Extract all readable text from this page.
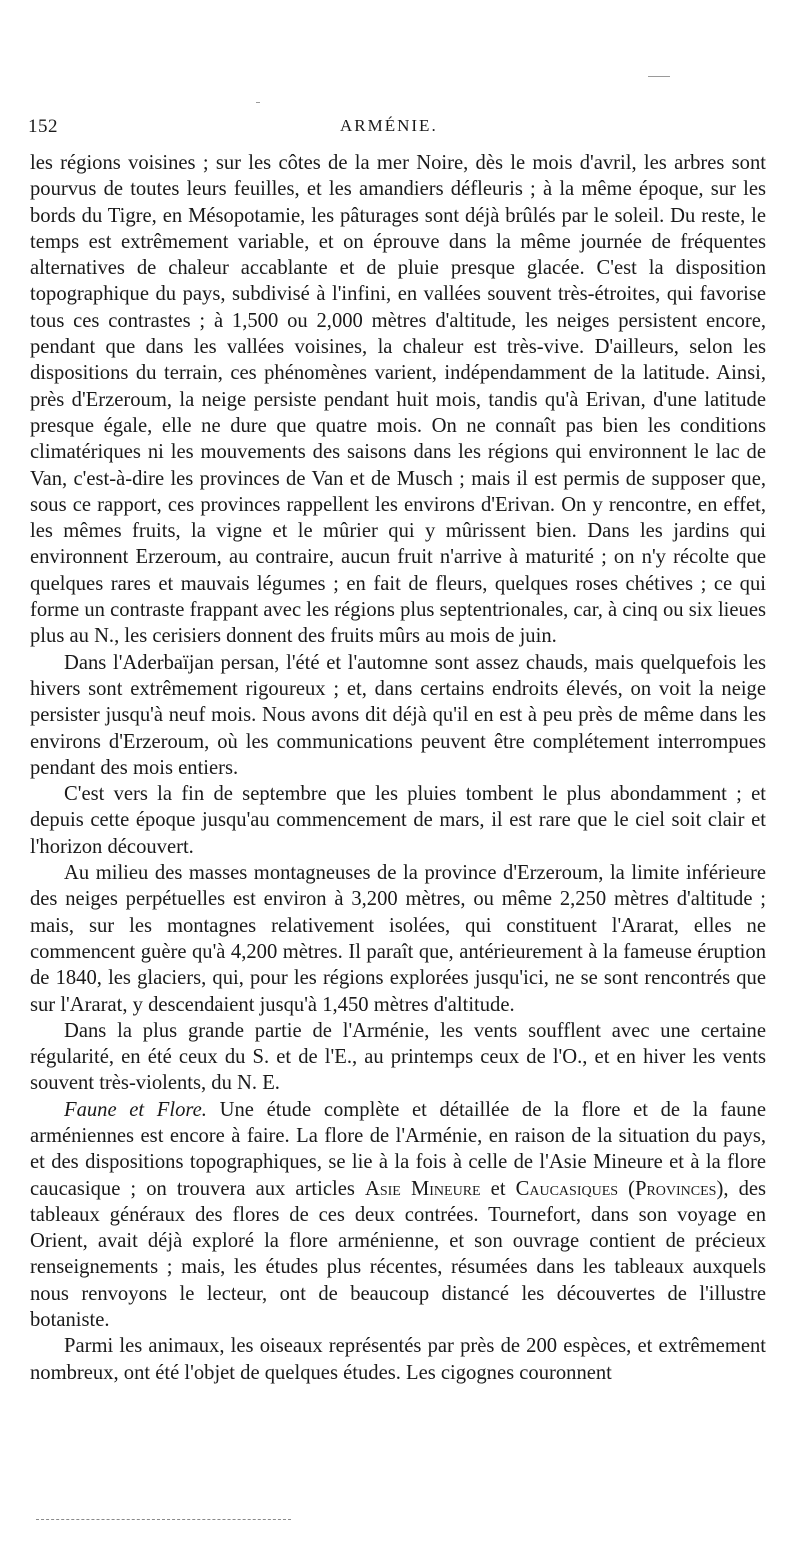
152	ARMÉNIE.

les régions voisines ; sur les côtes de la mer Noire, dès le mois d'avril, les arbres sont pourvus de toutes leurs feuilles, et les amandiers défleuris ; à la même époque, sur les bords du Tigre, en Mésopotamie, les pâturages sont déjà brûlés par le soleil. Du reste, le temps est extrêmement variable, et on éprouve dans la même journée de fréquentes alternatives de chaleur accablante et de pluie presque glacée. C'est la disposition topographique du pays, subdivisé à l'infini, en vallées souvent très-étroites, qui favorise tous ces contrastes ; à 1,500 ou 2,000 mètres d'altitude, les neiges persistent encore, pendant que dans les vallées voisines, la chaleur est très-vive. D'ailleurs, selon les dispositions du terrain, ces phénomènes varient, indépendamment de la latitude. Ainsi, près d'Erzeroum, la neige persiste pendant huit mois, tandis qu'à Erivan, d'une latitude presque égale, elle ne dure que quatre mois. On ne connaît pas bien les conditions climatériques ni les mouvements des saisons dans les régions qui environnent le lac de Van, c'est-à-dire les provinces de Van et de Musch ; mais il est permis de supposer que, sous ce rapport, ces provinces rappellent les environs d'Erivan. On y rencontre, en effet, les mêmes fruits, la vigne et le mûrier qui y mûrissent bien. Dans les jardins qui environnent Erzeroum, au contraire, aucun fruit n'arrive à maturité ; on n'y récolte que quelques rares et mauvais légumes ; en fait de fleurs, quelques roses chétives ; ce qui forme un contraste frappant avec les régions plus septentrionales, car, à cinq ou six lieues plus au N., les cerisiers donnent des fruits mûrs au mois de juin.

Dans l'Aderbaïjan persan, l'été et l'automne sont assez chauds, mais quelquefois les hivers sont extrêmement rigoureux ; et, dans certains endroits élevés, on voit la neige persister jusqu'à neuf mois. Nous avons dit déjà qu'il en est à peu près de même dans les environs d'Erzeroum, où les communications peuvent être complétement interrompues pendant des mois entiers.

C'est vers la fin de septembre que les pluies tombent le plus abondamment ; et depuis cette époque jusqu'au commencement de mars, il est rare que le ciel soit clair et l'horizon découvert.

Au milieu des masses montagneuses de la province d'Erzeroum, la limite inférieure des neiges perpétuelles est environ à 3,200 mètres, ou même 2,250 mètres d'altitude ; mais, sur les montagnes relativement isolées, qui constituent l'Ararat, elles ne commencent guère qu'à 4,200 mètres. Il paraît que, antérieurement à la fameuse éruption de 1840, les glaciers, qui, pour les régions explorées jusqu'ici, ne se sont rencontrés que sur l'Ararat, y descendaient jusqu'à 1,450 mètres d'altitude.

Dans la plus grande partie de l'Arménie, les vents soufflent avec une certaine régularité, en été ceux du S. et de l'E., au printemps ceux de l'O., et en hiver les vents souvent très-violents, du N. E.

Faune et Flore. Une étude complète et détaillée de la flore et de la faune arméniennes est encore à faire. La flore de l'Arménie, en raison de la situation du pays, et des dispositions topographiques, se lie à la fois à celle de l'Asie Mineure et à la flore caucasique ; on trouvera aux articles Asie Mineure et Caucasiques (Provinces), des tableaux généraux des flores de ces deux contrées. Tournefort, dans son voyage en Orient, avait déjà exploré la flore arménienne, et son ouvrage contient de précieux renseignements ; mais, les études plus récentes, résumées dans les tableaux auxquels nous renvoyons le lecteur, ont de beaucoup distancé les découvertes de l'illustre botaniste.

Parmi les animaux, les oiseaux représentés par près de 200 espèces, et extrêmement nombreux, ont été l'objet de quelques études. Les cigognes couronnent
